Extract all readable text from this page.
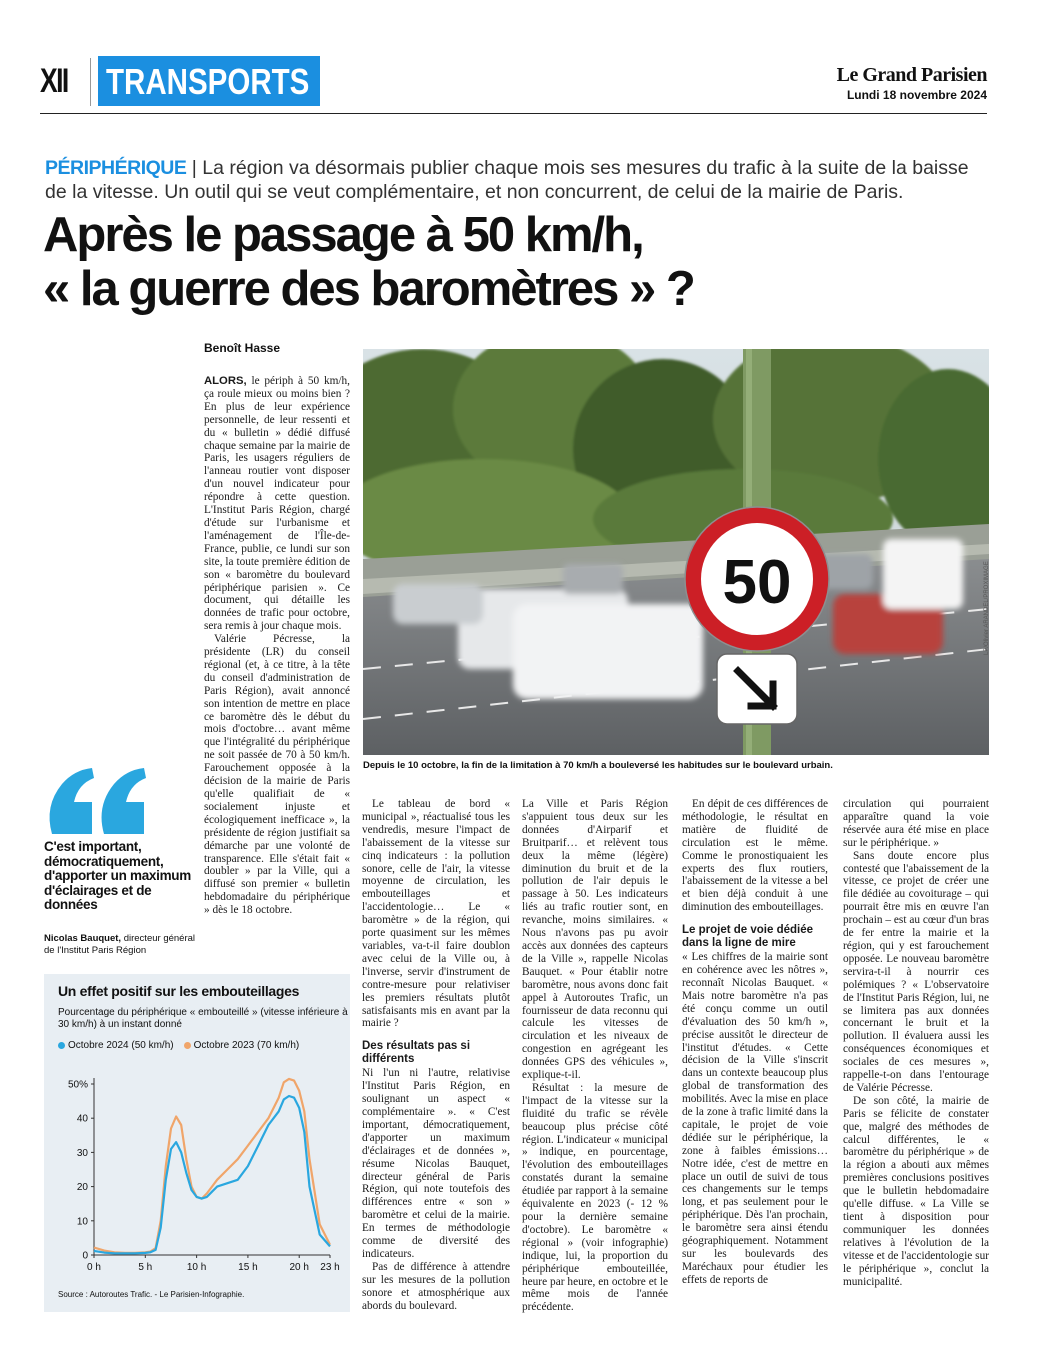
XII TRANSPORTS	Le Grand Parisien
Lundi 18 novembre 2024
PÉRIPHÉRIQUE | La région va désormais publier chaque mois ses mesures du trafic à la suite de la baisse de la vitesse. Un outil qui se veut complémentaire, et non concurrent, de celui de la mairie de Paris.
Après le passage à 50 km/h,
« la guerre des baromètres » ?
Benoît Hasse

ALORS, le périph à 50 km/h, ça roule mieux ou moins bien ? En plus de leur expérience personnelle, de leur ressenti et du « bulletin » dédié diffusé chaque semaine par la mairie de Paris, les usagers réguliers de l'anneau routier vont disposer d'un nouvel indicateur pour répondre à cette question. L'Institut Paris Région, chargé d'étude sur l'urbanisme et l'aménagement de l'Île-de-France, publie, ce lundi sur son site, la toute première édition de son « baromètre du boulevard périphérique parisien ». Ce document, qui détaille les données de trafic pour octobre, sera remis à jour chaque mois.

Valérie Pécresse, la présidente (LR) du conseil régional (et, à ce titre, à la tête du conseil d'administration de Paris Région), avait annoncé son intention de mettre en place ce baromètre dès le début du mois d'octobre… avant même que l'intégralité du périphérique ne soit passée de 70 à 50 km/h. Farouchement opposée à la décision de la mairie de Paris qu'elle qualifiait de « socialement injuste et écologiquement inefficace », la présidente de région justifiait sa démarche par une volonté de transparence. Elle s'était fait « doubler » par la Ville, qui a diffusé son premier « bulletin hebdomadaire du périphérique » dès le 18 octobre.

50	LP/Olivier ARANDEL/PROXIMAGE
Depuis le 10 octobre, la fin de la limitation à 70 km/h a bouleversé les habitudes sur le boulevard urbain.
C'est important, démocratiquement, d'apporter un maximum d'éclairages et de données
Nicolas Bauquet, directeur général de l'Institut Paris Région
Un effet positif sur les embouteillages
Pourcentage du périphérique « embouteillé » (vitesse inférieure à 30 km/h) à un instant donné
Octobre 2024 (50 km/h) Octobre 2023 (70 km/h)
0
10
20
30
40
50%
0 h	5 h	10 h	15 h	20 h 23 h
Source : Autoroutes Trafic. - Le Parisien-Infographie.

Le tableau de bord « municipal », réactualisé tous les vendredis, mesure l'impact de l'abaissement de la vitesse sur cinq indicateurs : la pollution sonore, celle de l'air, la vitesse moyenne de circulation, les embouteillages et l'accidentologie… Le « baromètre » de la région, qui porte quasiment sur les mêmes variables, va-t-il faire doublon avec celui de la Ville ou, à l'inverse, servir d'instrument de contre-mesure pour relativiser les premiers résultats plutôt satisfaisants mis en avant par la mairie ?

Des résultats pas si différents

Ni l'un ni l'autre, relativise l'Institut Paris Région, en soulignant un aspect « complémentaire ». « C'est important, démocratiquement, d'apporter un maximum d'éclairages et de données », résume Nicolas Bauquet, directeur général de Paris Région, qui note toutefois des différences entre « son » baromètre et celui de la mairie. En termes de méthodologie comme de diversité des indicateurs.

Pas de différence à attendre sur les mesures de la pollution sonore et atmosphérique aux abords du boulevard.

La Ville et Paris Région s'appuient tous deux sur les données d'Airparif et Bruitparif… et relèvent tous deux la même (légère) diminution du bruit et de la pollution de l'air depuis le passage à 50. Les indicateurs liés au trafic routier sont, en revanche, moins similaires. « Nous n'avons pas pu avoir accès aux données des capteurs de la Ville », rappelle Nicolas Bauquet. « Pour établir notre baromètre, nous avons donc fait appel à Autoroutes Trafic, un fournisseur de data reconnu qui calcule les vitesses de circulation et les niveaux de congestion en agrégeant les données GPS des véhicules », explique-t-il.

Résultat : la mesure de l'impact de la vitesse sur la fluidité du trafic se révèle beaucoup plus précise côté région. L'indicateur « municipal » indique, en pourcentage, l'évolution des embouteillages constatés durant la semaine étudiée par rapport à la semaine équivalente en 2023 (- 12 % pour la dernière semaine d'octobre). Le baromètre « régional » (voir infographie) indique, lui, la proportion du périphérique embouteillée, heure par heure, en octobre et le même mois de l'année précédente.

En dépit de ces différences de méthodologie, le résultat en matière de fluidité de circulation est le même. Comme le pronostiquaient les experts des flux routiers, l'abaissement de la vitesse a bel et bien déjà conduit à une diminution des embouteillages.

Le projet de voie dédiée dans la ligne de mire

« Les chiffres de la mairie sont en cohérence avec les nôtres », reconnaît Nicolas Bauquet. « Mais notre baromètre n'a pas été conçu comme un outil d'évaluation des 50 km/h », précise aussitôt le directeur de l'institut d'études. « Cette décision de la Ville s'inscrit dans un contexte beaucoup plus global de transformation des mobilités. Avec la mise en place de la zone à trafic limité dans la capitale, le projet de voie dédiée sur le périphérique, la zone à faibles émissions… Notre idée, c'est de mettre en place un outil de suivi de tous ces changements sur le temps long, et pas seulement pour le périphérique. Dès l'an prochain, le baromètre sera ainsi étendu géographiquement. Notamment sur les boulevards des Maréchaux pour étudier les effets de reports de

circulation qui pourraient apparaître quand la voie réservée aura été mise en place sur le périphérique. »

Sans doute encore plus contesté que l'abaissement de la vitesse, ce projet de créer une file dédiée au covoiturage – qui pourrait être mis en œuvre l'an prochain – est au cœur d'un bras de fer entre la mairie et la région, qui y est farouchement opposée. Le nouveau baromètre servira-t-il à nourrir ces polémiques ? « L'observatoire de l'Institut Paris Région, lui, ne se limitera pas aux données concernant le bruit et la pollution. Il évaluera aussi les conséquences économiques et sociales de ces mesures », rappelle-t-on dans l'entourage de Valérie Pécresse.

De son côté, la mairie de Paris se félicite de constater que, malgré des méthodes de calcul différentes, le « baromètre du périphérique » de la région a abouti aux mêmes premières conclusions positives que le bulletin hebdomadaire qu'elle diffuse. « La Ville se tient à disposition pour communiquer les données relatives à l'évolution de la vitesse et de l'accidentologie sur le périphérique », conclut la municipalité.
